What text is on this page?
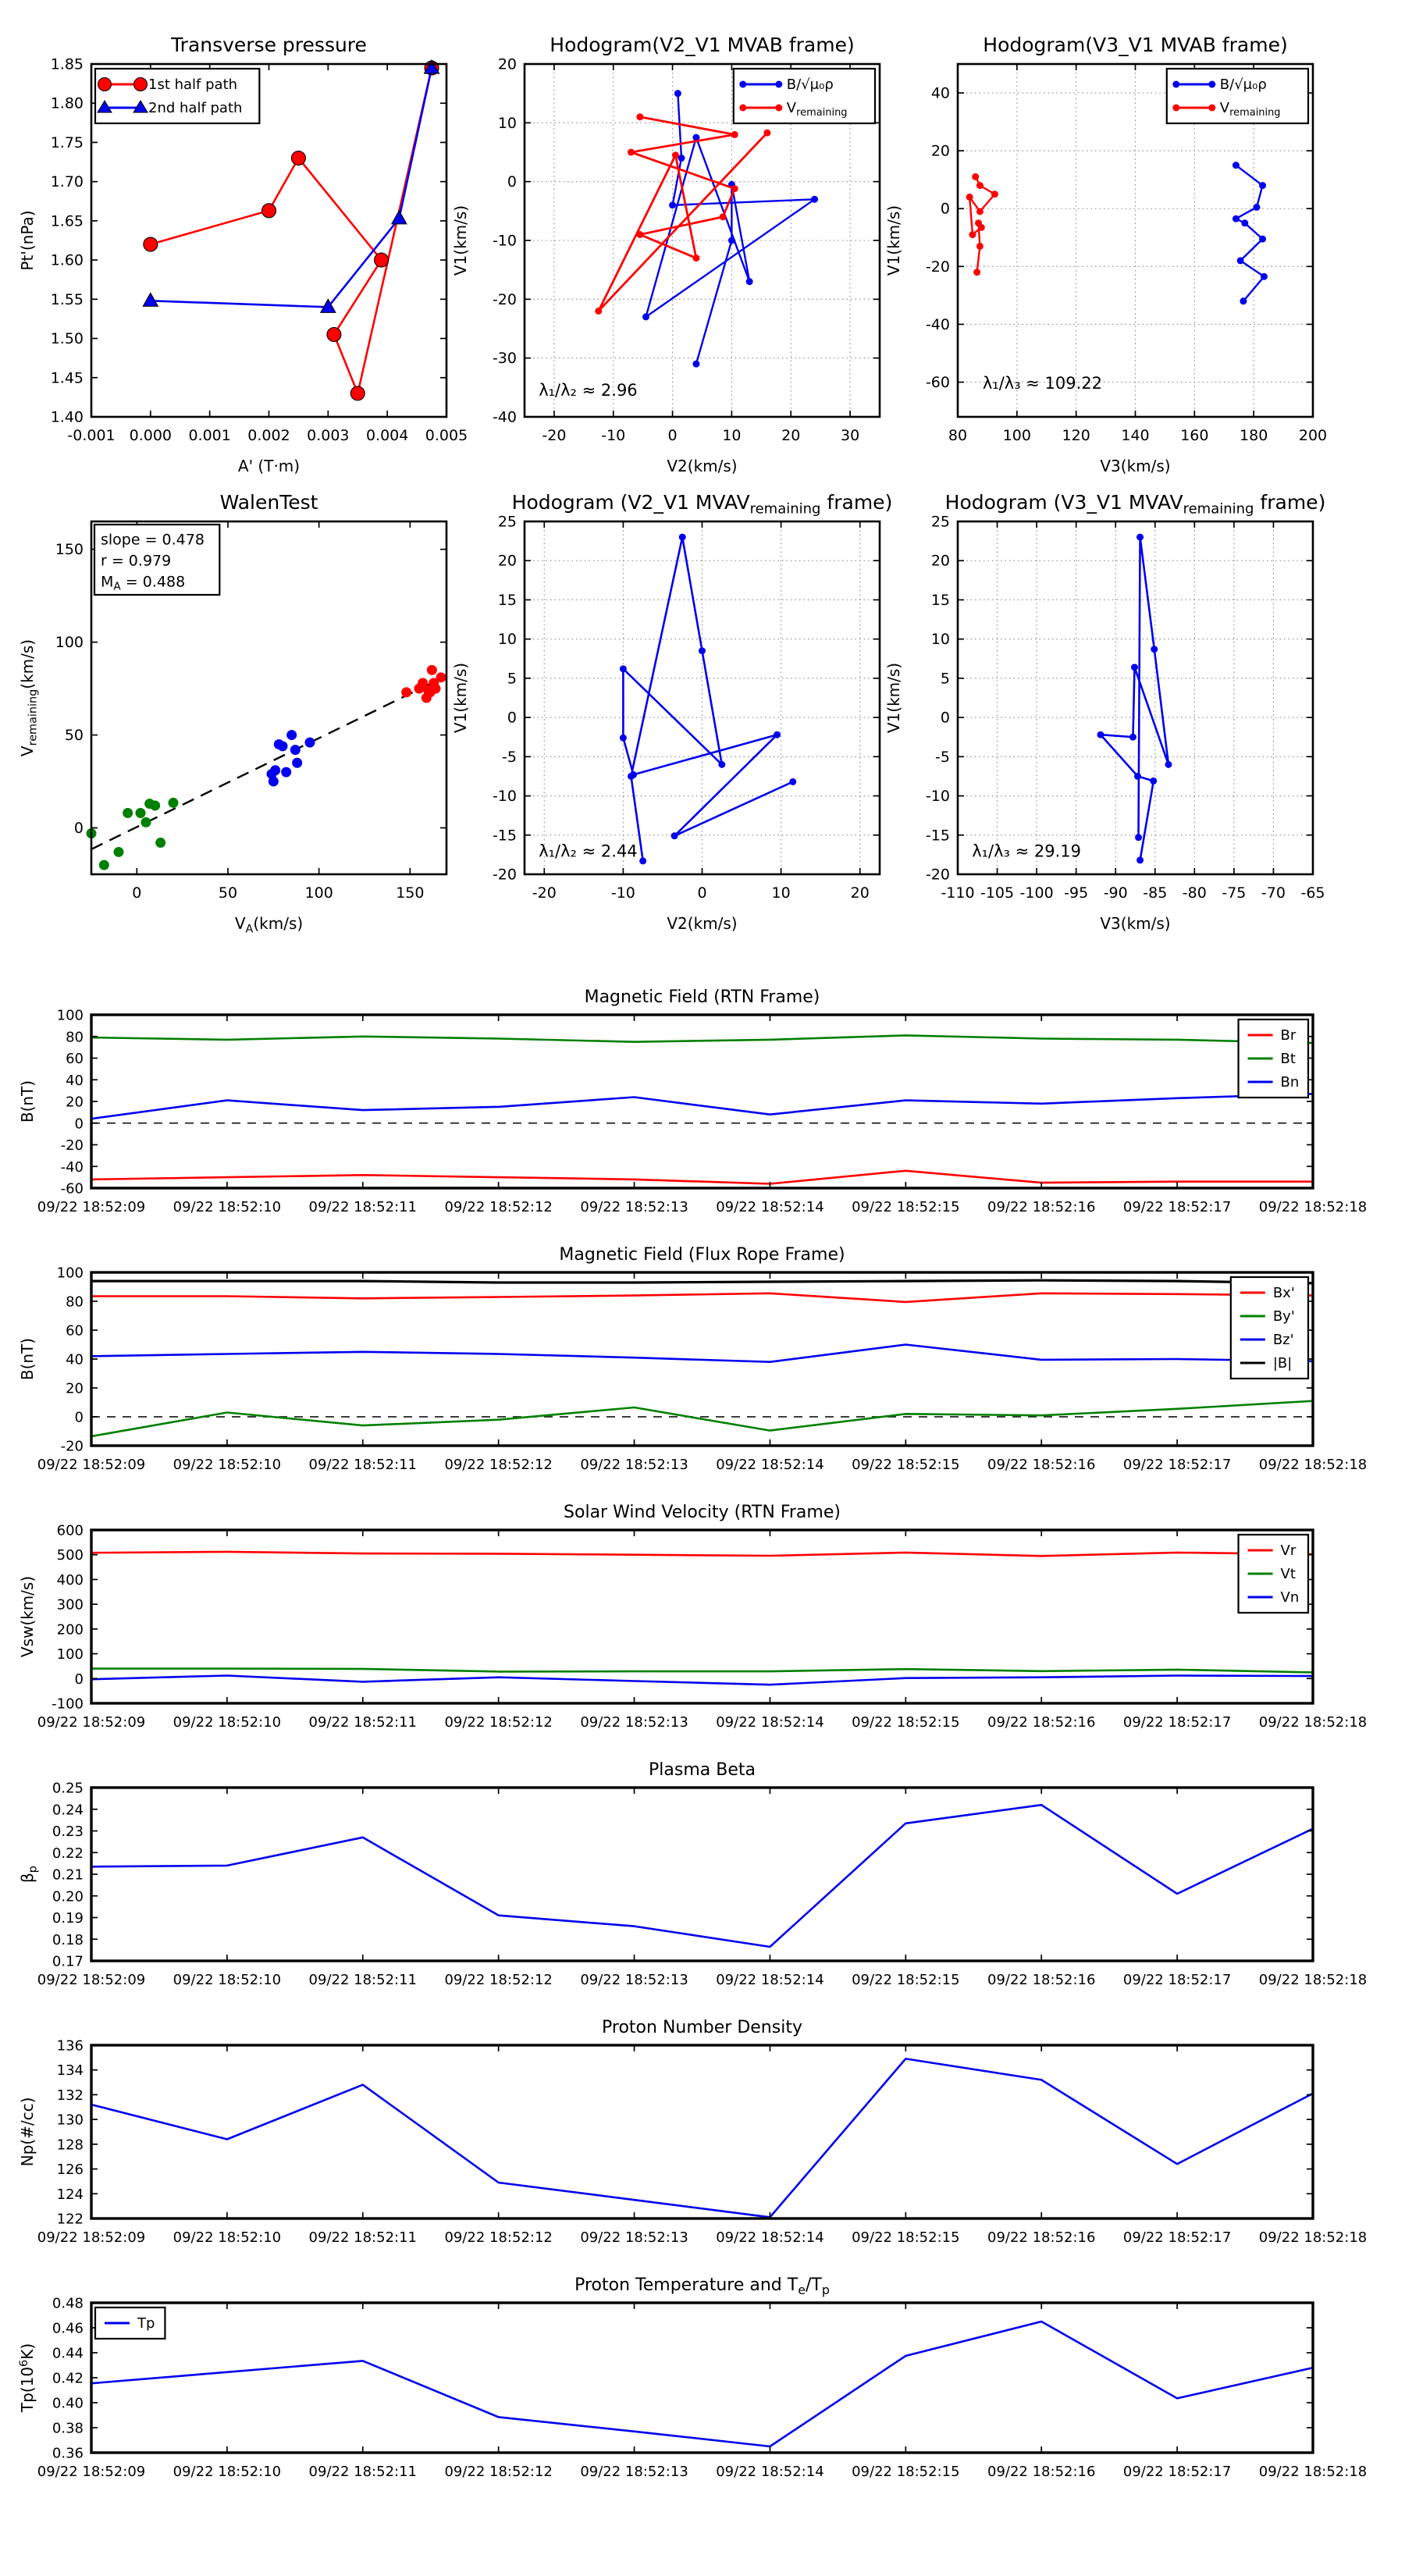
-0.001 0.000 0.001 0.002 0.003 0.004 0.005
1.40
1.45
1.50
1.55
1.60
1.65
1.70
1.75
1.80
1.85
Transverse pressure
A' (T·m)
Pt'(nPa)
1st half path
2nd half path
-20 -10	0	10	20	30
-40
-30
-20
-10
0
10
20
Hodogram(V2_V1 MVAB frame)
V2(km/s)
V1(km/s)
λ₁/λ₂ ≈ 2.96
B/√μ₀ρ
$V_{remaining}$
80 100 120 140 160 180 200
-60
-40
-20
0
20
40
Hodogram(V3_V1 MVAB frame)
V3(km/s)
V1(km/s)
λ₁/λ₃ ≈ 109.22
B/√μ₀ρ
$V_{remaining}$
0	50	100	150
0
50
100
150
WalenTest
$V_A(km/s)$
$V_{remaining}(km/s)$
slope = 0.478
r = 0.979
$M_A = 0.488$
-20	-10	0	10	20
-20
-15
-10
-5
0
5
10
15
20
25
Hodogram (V2_V1 $MVAV_{remaining}$ frame)
V2(km/s)
V1(km/s)
λ₁/λ₂ ≈ 2.44
-110 -105 -100 -95 -90 -85 -80 -75 -70 -65
-20
-15
-10
-5
0
5
10
15
20
25
Hodogram (V3_V1 $MVAV_{remaining}$ frame)
V3(km/s)
V1(km/s)
λ₁/λ₃ ≈ 29.19
09/22 18:52:09 09/22 18:52:10 09/22 18:52:11 09/22 18:52:12 09/22 18:52:13 09/22 18:52:14 09/22 18:52:15 09/22 18:52:16 09/22 18:52:17 09/22 18:52:18
-60
-40
-20
0
20
40
60
80
100
Magnetic Field (RTN Frame)
B(nT)
Br
Bt
Bn
09/22 18:52:09 09/22 18:52:10 09/22 18:52:11 09/22 18:52:12 09/22 18:52:13 09/22 18:52:14 09/22 18:52:15 09/22 18:52:16 09/22 18:52:17 09/22 18:52:18
-20
0
20
40
60
80
100
Magnetic Field (Flux Rope Frame)
B(nT)
Bx'
By'
Bz'
|B|
09/22 18:52:09 09/22 18:52:10 09/22 18:52:11 09/22 18:52:12 09/22 18:52:13 09/22 18:52:14 09/22 18:52:15 09/22 18:52:16 09/22 18:52:17 09/22 18:52:18
-100
0
100
200
300
400
500
600
Solar Wind Velocity (RTN Frame)
Vsw(km/s)
Vr
Vt
Vn
09/22 18:52:09 09/22 18:52:10 09/22 18:52:11 09/22 18:52:12 09/22 18:52:13 09/22 18:52:14 09/22 18:52:15 09/22 18:52:16 09/22 18:52:17 09/22 18:52:18
0.17
0.18
0.19
0.20
0.21
0.22
0.23
0.24
0.25
Plasma Beta
$\beta_p$
09/22 18:52:09 09/22 18:52:10 09/22 18:52:11 09/22 18:52:12 09/22 18:52:13 09/22 18:52:14 09/22 18:52:15 09/22 18:52:16 09/22 18:52:17 09/22 18:52:18
122
124
126
128
130
132
134
136
Proton Number Density
Np(#/cc)
09/22 18:52:09 09/22 18:52:10 09/22 18:52:11 09/22 18:52:12 09/22 18:52:13 09/22 18:52:14 09/22 18:52:15 09/22 18:52:16 09/22 18:52:17 09/22 18:52:18
0.36
0.38
0.40
0.42
0.44
0.46
0.48
Proton Temperature and $T_e/T_p$
$Tp(10^6K)$
Tp
